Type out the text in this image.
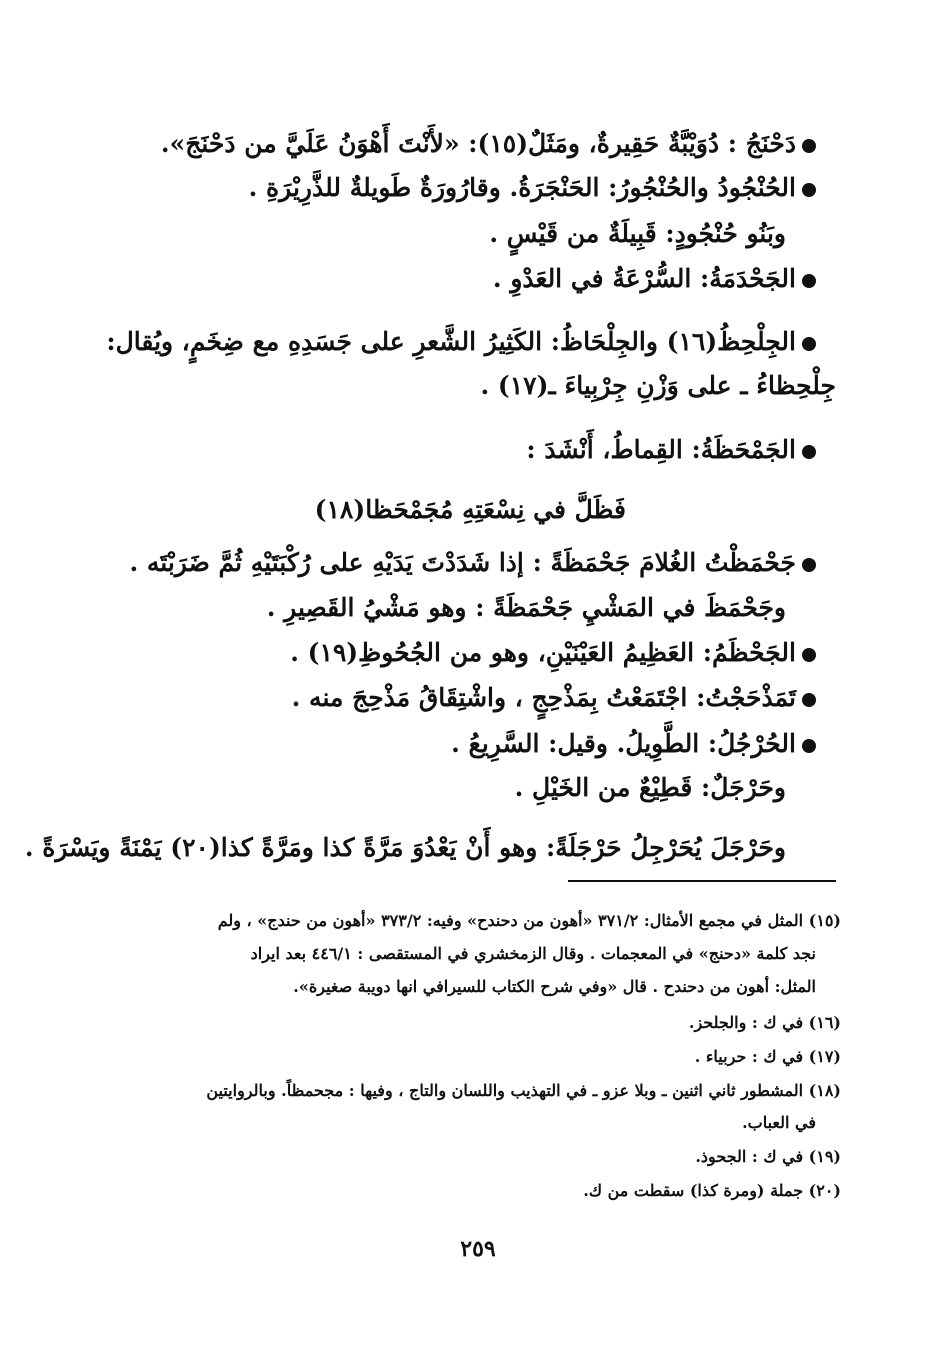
دَحْنَجُ : دُوَيْبَّةٌ حَقِيرةٌ، ومَثَلٌ(١٥): «لأَنْتَ أَهْوَنُ عَلَيَّ من دَحْنَجَ».
الحُنْجُودُ والحُنْجُورُ: الحَنْجَرَةُ. وقارُورَةٌ طَويلةٌ للذَّرِيْرَةِ .
وبَنُو حُنْجُودٍ: قَبِيلَةٌ من قَيْسٍ .
الجَحْدَمَةُ: السُّرْعَةُ في العَدْوِ .
الجِلْحِظُ(١٦) والجِلْحَاظُ: الكَثِيرُ الشَّعرِ على جَسَدِهِ مع ضِخَمٍ، ويُقال:
جِلْحِظاءُ ـ على وَزْنِ جِرْبِياءَ ـ(١٧) .
الجَمْحَظَةُ: القِماطُ، أَنْشَدَ :
فَظَلَّ في نِسْعَتِهِ مُجَمْحَظا(١٨)
جَحْمَظْتُ الغُلامَ جَحْمَظَةً : إذا شَدَدْتَ يَدَيْهِ على رُكْبَتَيْهِ ثُمَّ ضَرَبْتَه .
وجَحْمَظَ في المَشْيِ جَحْمَظَةً : وهو مَشْيُ القَصِيرِ .
الجَحْظَمُ: العَظِيمُ العَيْنَيْنِ، وهو من الجُحُوظِ(١٩) .
تَمَذْحَجْتُ: اجْتَمَعْتُ بِمَذْحِجٍ ، واشْتِقَاقُ مَذْحِجَ منه .
الحُرْجُلُ: الطَّوِيلُ. وقيل: السَّرِيعُ .
وحَرْجَلٌ: قَطِيْعٌ من الخَيْلِ .
وحَرْجَلَ يُحَرْجِلُ حَرْجَلَةً: وهو أَنْ يَعْدُوَ مَرَّةً كذا ومَرَّةً كذا(٢٠) يَمْنَةً ويَسْرَةً .
(١٥) المثل في مجمع الأمثال: ٣٧١/٢ «أهون من دحندح» وفيه: ٣٧٣/٢ «أهون من حندج» ، ولم
نجد كلمة «دحنج» في المعجمات . وقال الزمخشري في المستقصى : ٤٤٦/١ بعد ايراد
المثل: أهون من دحندح . قال «وفي شرح الكتاب للسيرافي انها دويبة صغيرة».
(١٦) في ك : والجلحز.
(١٧) في ك : حربياء .
(١٨) المشطور ثاني اثنين ـ وبلا عزو ـ في التهذيب واللسان والتاج ، وفيها : مجحمظاً. وبالروايتين
في العباب.
(١٩) في ك : الجحوذ.
(٢٠) جملة (ومرة كذا) سقطت من ك.
٢٥٩
